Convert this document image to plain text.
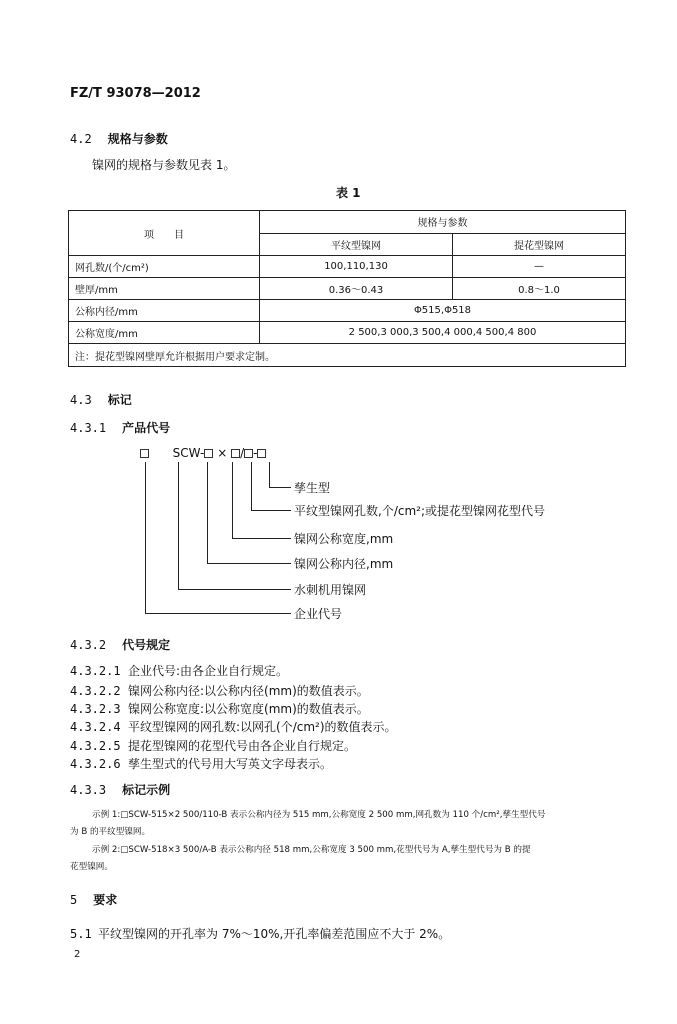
FZ/T 93078—2012
4.2 规格与参数
镍网的规格与参数见表 1。
表 1
项　　目	规格与参数	
	平纹型镍网	提花型镍网
网孔数/(个/cm²)	100,110,130	—
壁厚/mm	0.36～0.43	0.8～1.0
公称内径/mm	Φ515,Φ518	
公称宽度/mm	2 500,3 000,3 500,4 000,4 500,4 800	
注：提花型镍网壁厚允许根据用户要求定制。		
4.3 标记
4.3.1 产品代号
SCW- × / -
孳生型
平纹型镍网孔数,个/cm²;或提花型镍网花型代号
镍网公称宽度,mm
镍网公称内径,mm
水刺机用镍网
企业代号
4.3.2 代号规定
4.3.2.1 企业代号:由各企业自行规定。
4.3.2.2 镍网公称内径:以公称内径(mm)的数值表示。
4.3.2.3 镍网公称宽度:以公称宽度(mm)的数值表示。
4.3.2.4 平纹型镍网的网孔数:以网孔(个/cm²)的数值表示。
4.3.2.5 提花型镍网的花型代号由各企业自行规定。
4.3.2.6 孳生型式的代号用大写英文字母表示。
4.3.3 标记示例
示例 1:□SCW-515×2 500/110-B 表示公称内径为 515 mm,公称宽度 2 500 mm,网孔数为 110 个/cm²,孳生型代号
为 B 的平纹型镍网。
示例 2:□SCW-518×3 500/A-B 表示公称内径 518 mm,公称宽度 3 500 mm,花型代号为 A,孳生型代号为 B 的提
花型镍网。
5 要求
5.1 平纹型镍网的开孔率为 7%～10%,开孔率偏差范围应不大于 2%。
2
